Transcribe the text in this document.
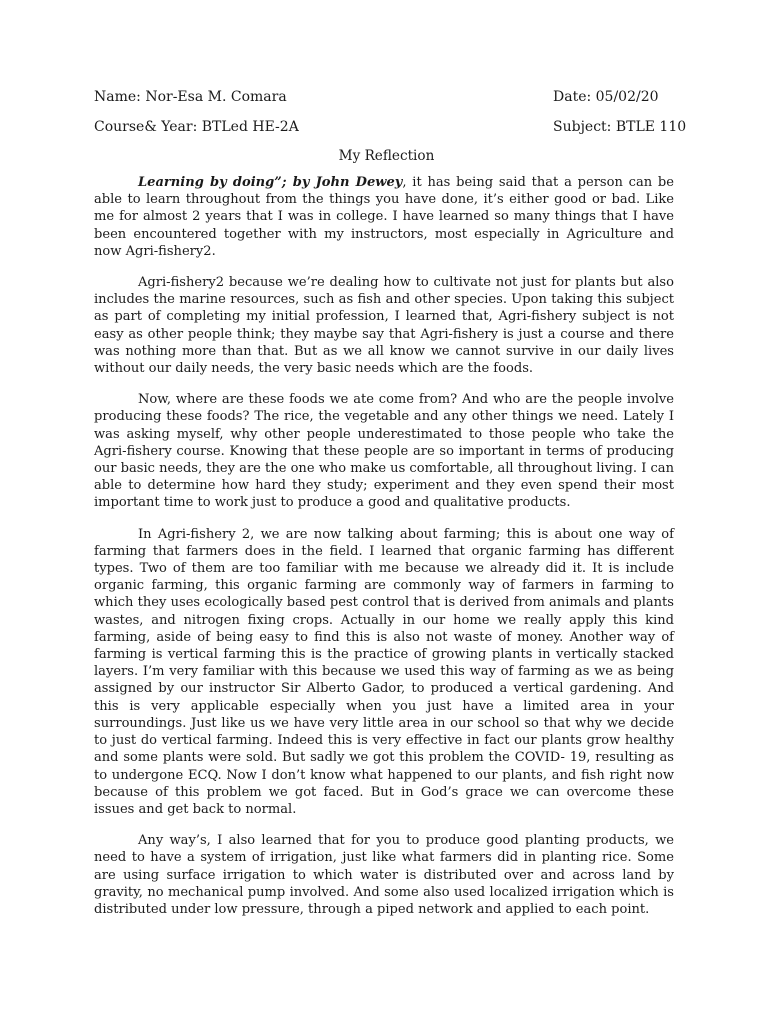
Name: Nor-Esa M. Comara	Date: 05/02/20
Course& Year: BTLed HE-2A	Subject: BTLE 110
My Reflection

Learning by doing”; by John Dewey, it has being said that a person can be able to learn throughout from the things you have done, it’s either good or bad. Like me for almost 2 years that I was in college. I have learned so many things that I have been encountered together with my instructors, most especially in Agriculture and now Agri-fishery2.

Agri-fishery2 because we’re dealing how to cultivate not just for plants but also includes the marine resources, such as fish and other species. Upon taking this subject as part of completing my initial profession, I learned that, Agri-fishery subject is not easy as other people think; they maybe say that Agri-fishery is just a course and there was nothing more than that. But as we all know we cannot survive in our daily lives without our daily needs, the very basic needs which are the foods.

Now, where are these foods we ate come from? And who are the people involve producing these foods? The rice, the vegetable and any other things we need. Lately I was asking myself, why other people underestimated to those people who take the Agri-fishery course. Knowing that these people are so important in terms of producing our basic needs, they are the one who make us comfortable, all throughout living. I can able to determine how hard they study; experiment and they even spend their most important time to work just to produce a good and qualitative products.

In Agri-fishery 2, we are now talking about farming; this is about one way of farming that farmers does in the field. I learned that organic farming has different types. Two of them are too familiar with me because we already did it. It is include organic farming, this organic farming are commonly way of farmers in farming to which they uses ecologically based pest control that is derived from animals and plants wastes, and nitrogen fixing crops. Actually in our home we really apply this kind farming, aside of being easy to find this is also not waste of money. Another way of farming is vertical farming this is the practice of growing plants in vertically stacked layers. I’m very familiar with this because we used this way of farming as we as being assigned by our instructor Sir Alberto Gador, to produced a vertical gardening. And this is very applicable especially when you just have a limited area in your surroundings. Just like us we have very little area in our school so that why we decide to just do vertical farming. Indeed this is very effective in fact our plants grow healthy and some plants were sold. But sadly we got this problem the COVID- 19, resulting as to undergone ECQ. Now I don’t know what happened to our plants, and fish right now because of this problem we got faced. But in God’s grace we can overcome these issues and get back to normal.

Any way’s, I also learned that for you to produce good planting products, we need to have a system of irrigation, just like what farmers did in planting rice. Some are using surface irrigation to which water is distributed over and across land by gravity, no mechanical pump involved. And some also used localized irrigation which is distributed under low pressure, through a piped network and applied to each point.
